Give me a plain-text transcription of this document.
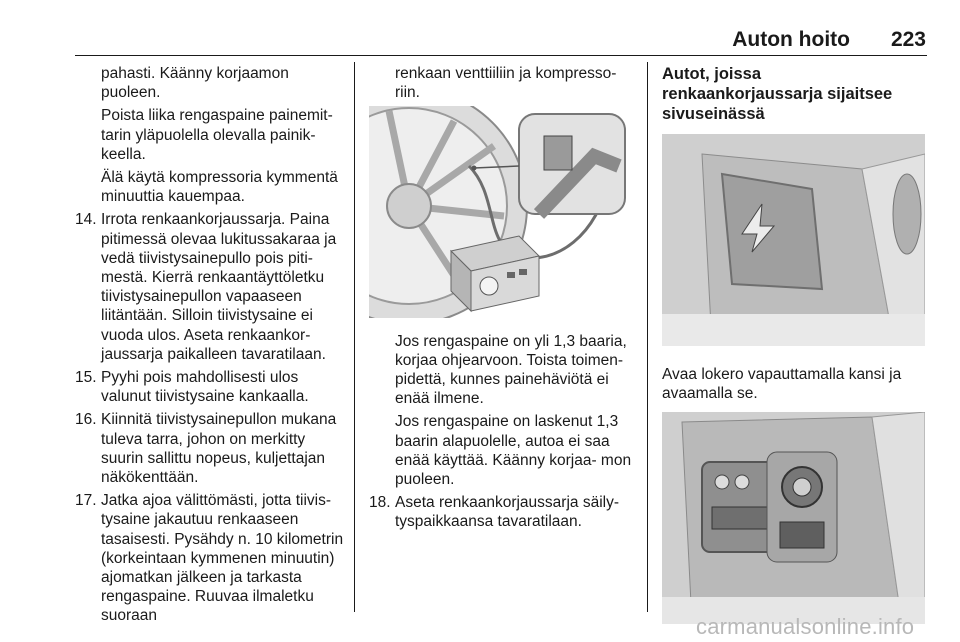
Auton hoito	223

pahasti. Käänny korjaamon puoleen.

Poista liika rengaspaine painemit- tarin yläpuolella olevalla painik- keella.

Älä käytä kompressoria kymmentä minuuttia kauempaa.

14. Irrota renkaankorjaussarja. Paina pitimessä olevaa lukitussakaraa ja vedä tiivistysainepullo pois piti- mestä. Kierrä renkaantäyttöletku tiivistysainepullon vapaaseen liitäntään. Silloin tiivistysaine ei vuoda ulos. Aseta renkaankor- jaussarja paikalleen tavaratilaan.
15. Pyyhi pois mahdollisesti ulos valunut tiivistysaine kankaalla.
16. Kiinnitä tiivistysainepullon mukana tuleva tarra, johon on merkitty suurin sallittu nopeus, kuljettajan näkökenttään.
17. Jatka ajoa välittömästi, jotta tiivis- tysaine jakautuu renkaaseen tasaisesti. Pysähdy n. 10 kilometrin (korkeintaan kymmenen minuutin) ajomatkan jälkeen ja tarkasta rengaspaine. Ruuvaa ilmaletku suoraan

renkaan venttiiliin ja kompresso- riin.

Jos rengaspaine on yli 1,3 baaria, korjaa ohjearvoon. Toista toimen- pidettä, kunnes painehäviötä ei enää ilmene.

Jos rengaspaine on laskenut 1,3 baarin alapuolelle, autoa ei saa enää käyttää. Käänny korjaa- mon puoleen.

18. Aseta renkaankorjaussarja säily- tyspaikkaansa tavaratilaan.

Autot, joissa renkaankorjaussarja sijaitsee sivuseinässä

Avaa lokero vapauttamalla kansi ja avaamalla se.

carmanualsonline.info
